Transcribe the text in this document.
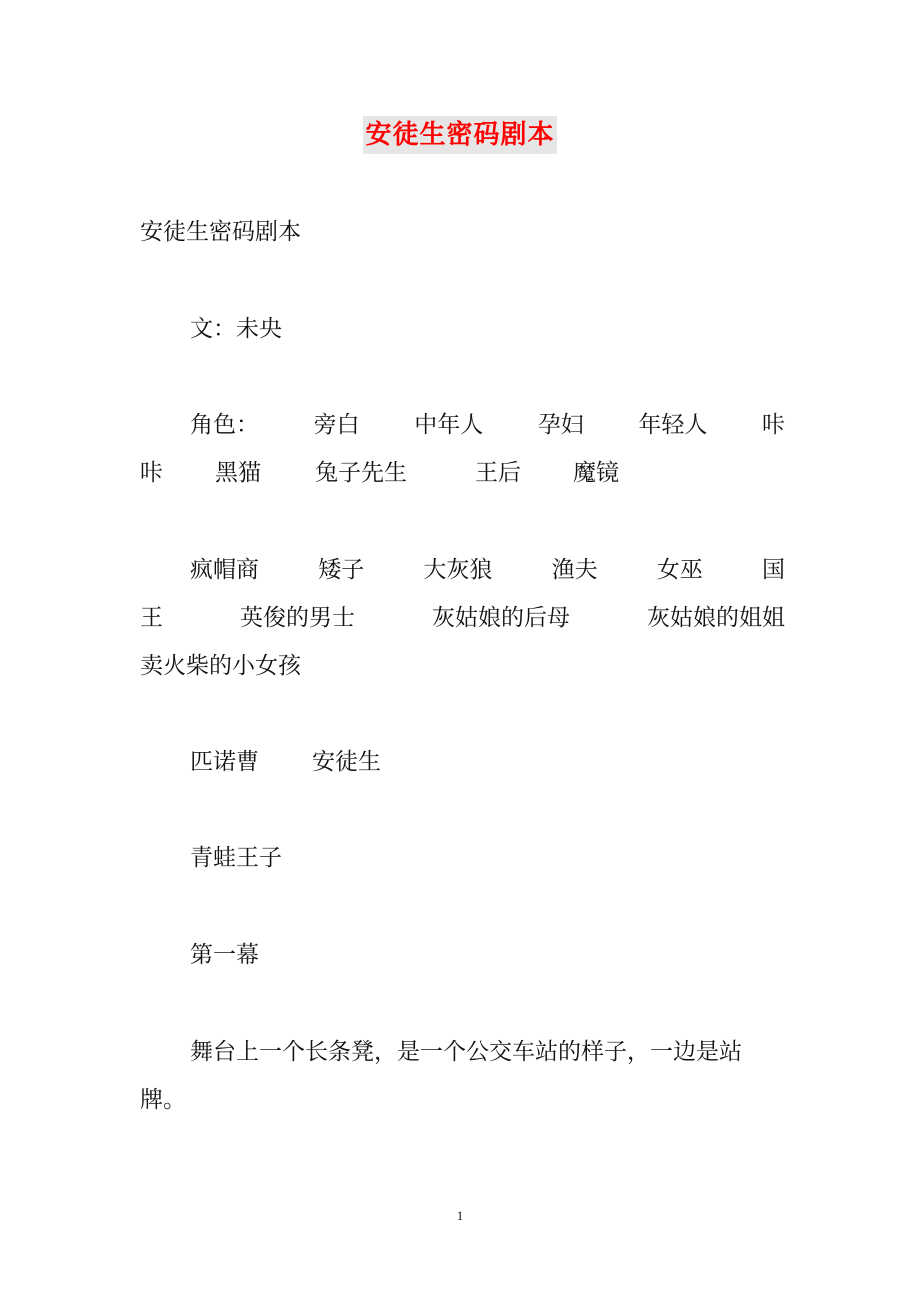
安徒生密码剧本
安徒生密码剧本
文：未央
角色： 旁白 中年人 孕妇 年轻人 咔
咔	黑猫	兔子先生	王后	魔镜
疯帽商	矮子	大灰狼	渔夫	女巫	国
王	英俊的男士	灰姑娘的后母	灰姑娘的姐姐
卖火柴的小女孩
匹诺曹	安徒生
青蛙王子
第一幕
舞台上一个长条凳，是一个公交车站的样子，一边是站
牌。
1
